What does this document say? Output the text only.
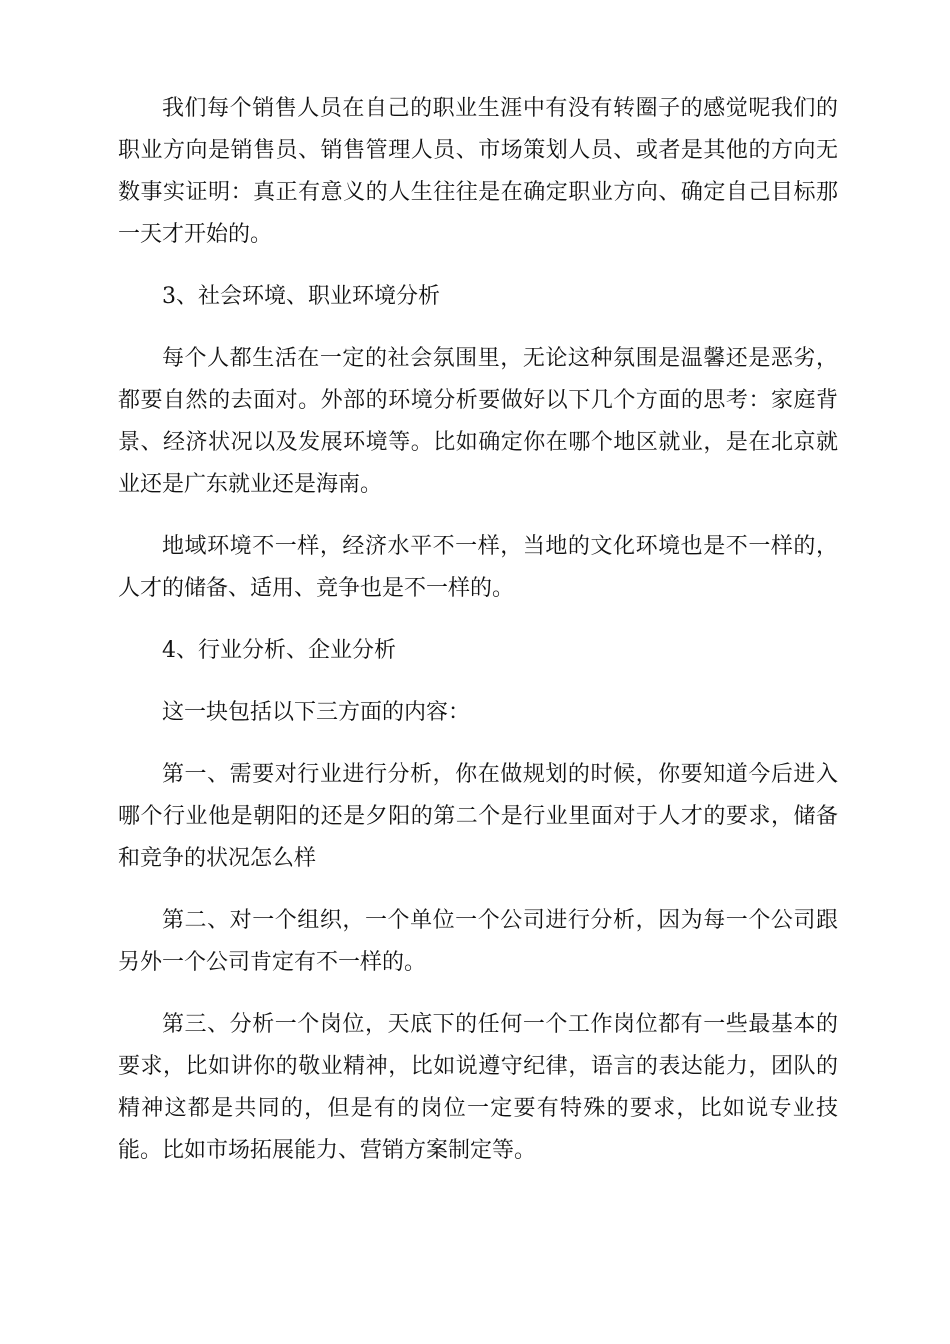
我们每个销售人员在自己的职业生涯中有没有转圈子的感觉呢我们的职业方向是销售员、销售管理人员、市场策划人员、或者是其他的方向无数事实证明：真正有意义的人生往往是在确定职业方向、确定自己目标那一天才开始的。

3、社会环境、职业环境分析

每个人都生活在一定的社会氛围里，无论这种氛围是温馨还是恶劣，都要自然的去面对。外部的环境分析要做好以下几个方面的思考：家庭背景、经济状况以及发展环境等。比如确定你在哪个地区就业，是在北京就业还是广东就业还是海南。

地域环境不一样，经济水平不一样，当地的文化环境也是不一样的，人才的储备、适用、竞争也是不一样的。

4、行业分析、企业分析

这一块包括以下三方面的内容：

第一、需要对行业进行分析，你在做规划的时候，你要知道今后进入哪个行业他是朝阳的还是夕阳的第二个是行业里面对于人才的要求，储备和竞争的状况怎么样

第二、对一个组织，一个单位一个公司进行分析，因为每一个公司跟另外一个公司肯定有不一样的。

第三、分析一个岗位，天底下的任何一个工作岗位都有一些最基本的要求，比如讲你的敬业精神，比如说遵守纪律，语言的表达能力，团队的精神这都是共同的，但是有的岗位一定要有特殊的要求，比如说专业技能。比如市场拓展能力、营销方案制定等。
